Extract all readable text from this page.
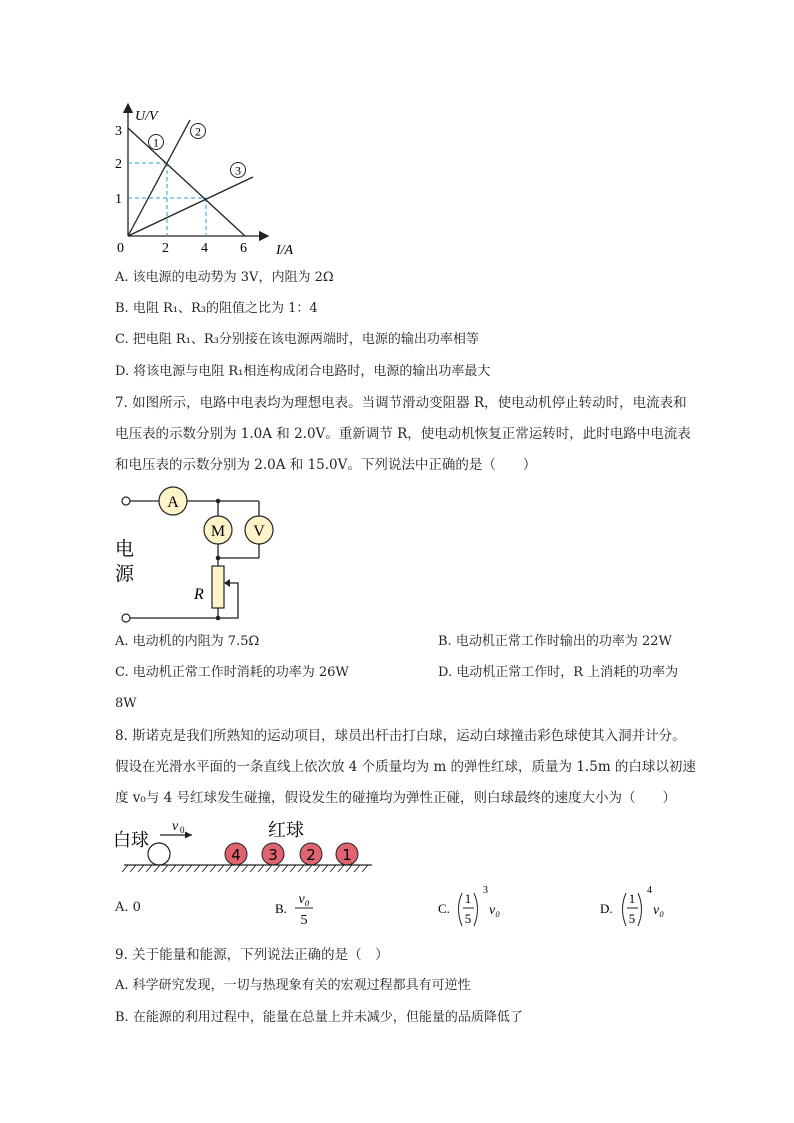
U/V
I/A
3
2
1
0	2 4 6
1
2
3
A. 该电源的电动势为 3V，内阻为 2Ω
B. 电阻 R₁、R₃的阻值之比为 1：4
C. 把电阻 R₁、R₃分别接在该电源两端时，电源的输出功率相等
D. 将该电源与电阻 R₁相连构成闭合电路时，电源的输出功率最大
7. 如图所示，电路中电表均为理想电表。当调节滑动变阻器 R，使电动机停止转动时，电流表和
电压表的示数分别为 1.0A 和 2.0V。重新调节 R，使电动机恢复正常运转时，此时电路中电流表
和电压表的示数分别为 2.0A 和 15.0V。下列说法中正确的是（　　）
A
M V
电
源
R
A. 电动机的内阻为 7.5Ω	B. 电动机正常工作时输出的功率为 22W
C. 电动机正常工作时消耗的功率为 26W	D. 电动机正常工作时，R 上消耗的功率为
8W
8. 斯诺克是我们所熟知的运动项目，球员出杆击打白球，运动白球撞击彩色球使其入洞并计分。
假设在光滑水平面的一条直线上依次放 4 个质量均为 m 的弹性红球，质量为 1.5m 的白球以初速
度 v₀与 4 号红球发生碰撞，假设发生的碰撞均为弹性正碰，则白球最终的速度大小为（　　）
白球
v 0	红球
4 3 2 1
A. 0	B.
v₀
5
C.
1
5
3
v₀	D.
1
5
4
v₀
9. 关于能量和能源，下列说法正确的是（　）
A. 科学研究发现，一切与热现象有关的宏观过程都具有可逆性
B. 在能源的利用过程中，能量在总量上并未减少，但能量的品质降低了
